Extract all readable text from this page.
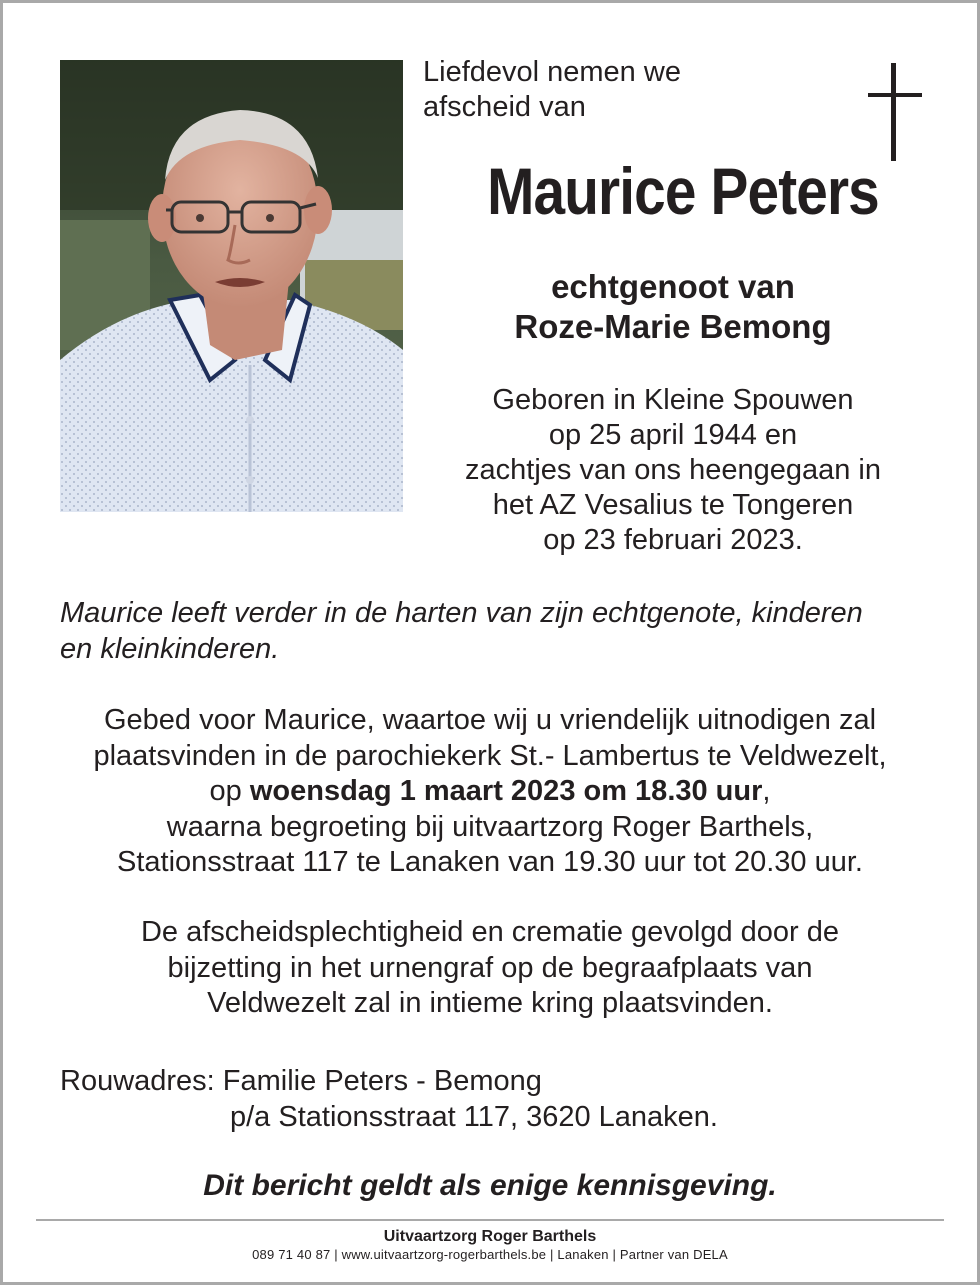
Liefdevol nemen we
afscheid van
Maurice Peters
echtgenoot van
Roze-Marie Bemong
Geboren in Kleine Spouwen
op 25 april 1944 en
zachtjes van ons heengegaan in
het AZ Vesalius te Tongeren
op 23 februari 2023.
Maurice leeft verder in de harten van zijn echtgenote, kinderen
en kleinkinderen.
Gebed voor Maurice, waartoe wij u vriendelijk uitnodigen zal
plaatsvinden in de parochiekerk St.- Lambertus te Veldwezelt,
op woensdag 1 maart 2023 om 18.30 uur,
waarna begroeting bij uitvaartzorg Roger Barthels,
Stationsstraat 117 te Lanaken van 19.30 uur tot 20.30 uur.
De afscheidsplechtigheid en crematie gevolgd door de
bijzetting in het urnengraf op de begraafplaats van
Veldwezelt zal in intieme kring plaatsvinden.
Rouwadres: Familie Peters - Bemong
p/a Stationsstraat 117, 3620 Lanaken.
Dit bericht geldt als enige kennisgeving.
Uitvaartzorg Roger Barthels
089 71 40 87 | www.uitvaartzorg-rogerbarthels.be | Lanaken | Partner van DELA
